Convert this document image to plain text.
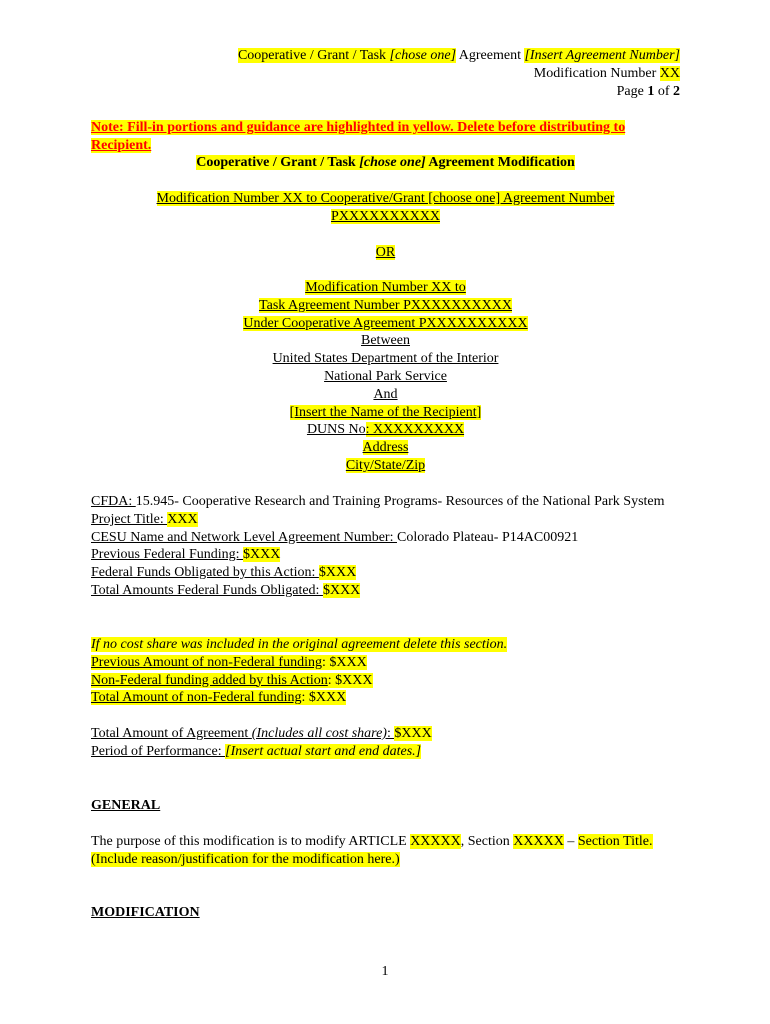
Cooperative / Grant / Task [chose one] Agreement [Insert Agreement Number]
Modification Number XX
Page 1 of 2
Note: Fill-in portions and guidance are highlighted in yellow. Delete before distributing to Recipient.
Cooperative / Grant / Task [chose one] Agreement Modification
Modification Number XX to Cooperative/Grant [choose one] Agreement Number
PXXXXXXXXXX
OR
Modification Number XX to
Task Agreement Number PXXXXXXXXXX
Under Cooperative Agreement PXXXXXXXXXX
Between
United States Department of the Interior
National Park Service
And
[Insert the Name of the Recipient]
DUNS No: XXXXXXXXX
Address
City/State/Zip
CFDA: 15.945- Cooperative Research and Training Programs- Resources of the National Park System
Project Title: XXX
CESU Name and Network Level Agreement Number: Colorado Plateau- P14AC00921
Previous Federal Funding: $XXX
Federal Funds Obligated by this Action: $XXX
Total Amounts Federal Funds Obligated: $XXX
If no cost share was included in the original agreement delete this section.
Previous Amount of non-Federal funding: $XXX
Non-Federal funding added by this Action: $XXX
Total Amount of non-Federal funding: $XXX
Total Amount of Agreement (Includes all cost share): $XXX
Period of Performance: [Insert actual start and end dates.]
GENERAL
The purpose of this modification is to modify ARTICLE XXXXX, Section XXXXX – Section Title. (Include reason/justification for the modification here.)
MODIFICATION
1
